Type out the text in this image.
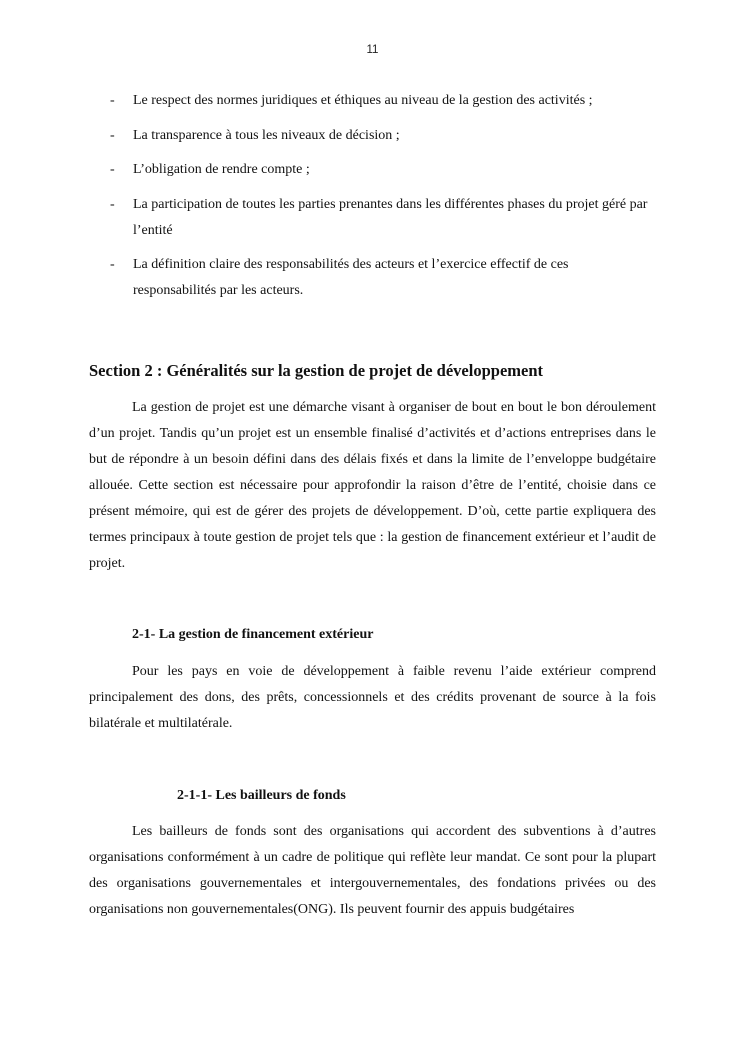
11
- Le respect des normes juridiques et éthiques au niveau de la gestion des activités ;
- La transparence à tous les niveaux de décision ;
- L’obligation de rendre compte ;
- La participation de toutes les parties prenantes dans les différentes phases du projet géré par l’entité
- La définition claire des responsabilités des acteurs et l’exercice effectif de ces responsabilités par les acteurs.
Section 2 : Généralités sur la gestion de projet de développement

La gestion de projet est une démarche visant à organiser de bout en bout le bon déroulement d’un projet. Tandis qu’un projet est un ensemble finalisé d’activités et d’actions entreprises dans le but de répondre à un besoin défini dans des délais fixés et dans la limite de l’enveloppe budgétaire allouée. Cette section est nécessaire pour approfondir la raison d’être de l’entité, choisie dans ce présent mémoire, qui est de gérer des projets de développement. D’où, cette partie expliquera des termes principaux à toute gestion de projet tels que : la gestion de financement extérieur et l’audit de projet.

2-1- La gestion de financement extérieur

Pour les pays en voie de développement à faible revenu l’aide extérieur comprend principalement des dons, des prêts, concessionnels et des crédits provenant de source à la fois bilatérale et multilatérale.

2-1-1- Les bailleurs de fonds

Les bailleurs de fonds sont des organisations qui accordent des subventions à d’autres organisations conformément à un cadre de politique qui reflète leur mandat. Ce sont pour la plupart des organisations gouvernementales et intergouvernementales, des fondations privées ou des organisations non gouvernementales(ONG). Ils peuvent fournir des appuis budgétaires
